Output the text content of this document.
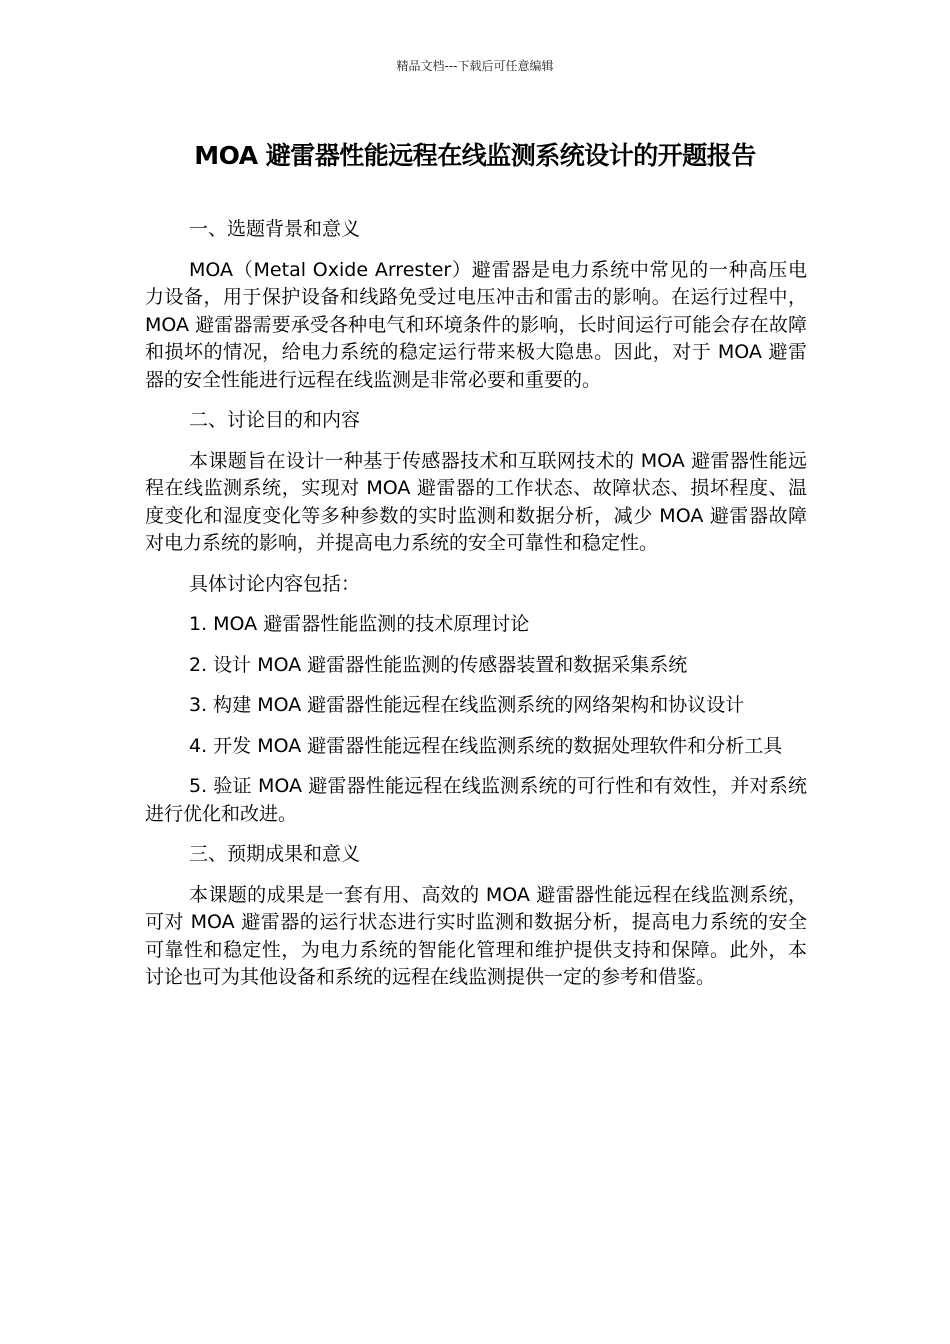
精品文档---下载后可任意编辑
MOA 避雷器性能远程在线监测系统设计的开题报告

一、选题背景和意义

MOA（Metal Oxide Arrester）避雷器是电力系统中常见的一种高压电力设备，用于保护设备和线路免受过电压冲击和雷击的影响。在运行过程中，MOA 避雷器需要承受各种电气和环境条件的影响，长时间运行可能会存在故障和损坏的情况，给电力系统的稳定运行带来极大隐患。因此，对于 MOA 避雷器的安全性能进行远程在线监测是非常必要和重要的。

二、讨论目的和内容

本课题旨在设计一种基于传感器技术和互联网技术的 MOA 避雷器性能远程在线监测系统，实现对 MOA 避雷器的工作状态、故障状态、损坏程度、温度变化和湿度变化等多种参数的实时监测和数据分析，减少 MOA 避雷器故障对电力系统的影响，并提高电力系统的安全可靠性和稳定性。

具体讨论内容包括：

1. MOA 避雷器性能监测的技术原理讨论

2. 设计 MOA 避雷器性能监测的传感器装置和数据采集系统

3. 构建 MOA 避雷器性能远程在线监测系统的网络架构和协议设计

4. 开发 MOA 避雷器性能远程在线监测系统的数据处理软件和分析工具

5. 验证 MOA 避雷器性能远程在线监测系统的可行性和有效性，并对系统进行优化和改进。

三、预期成果和意义

本课题的成果是一套有用、高效的 MOA 避雷器性能远程在线监测系统，可对 MOA 避雷器的运行状态进行实时监测和数据分析，提高电力系统的安全可靠性和稳定性，为电力系统的智能化管理和维护提供支持和保障。此外，本讨论也可为其他设备和系统的远程在线监测提供一定的参考和借鉴。
